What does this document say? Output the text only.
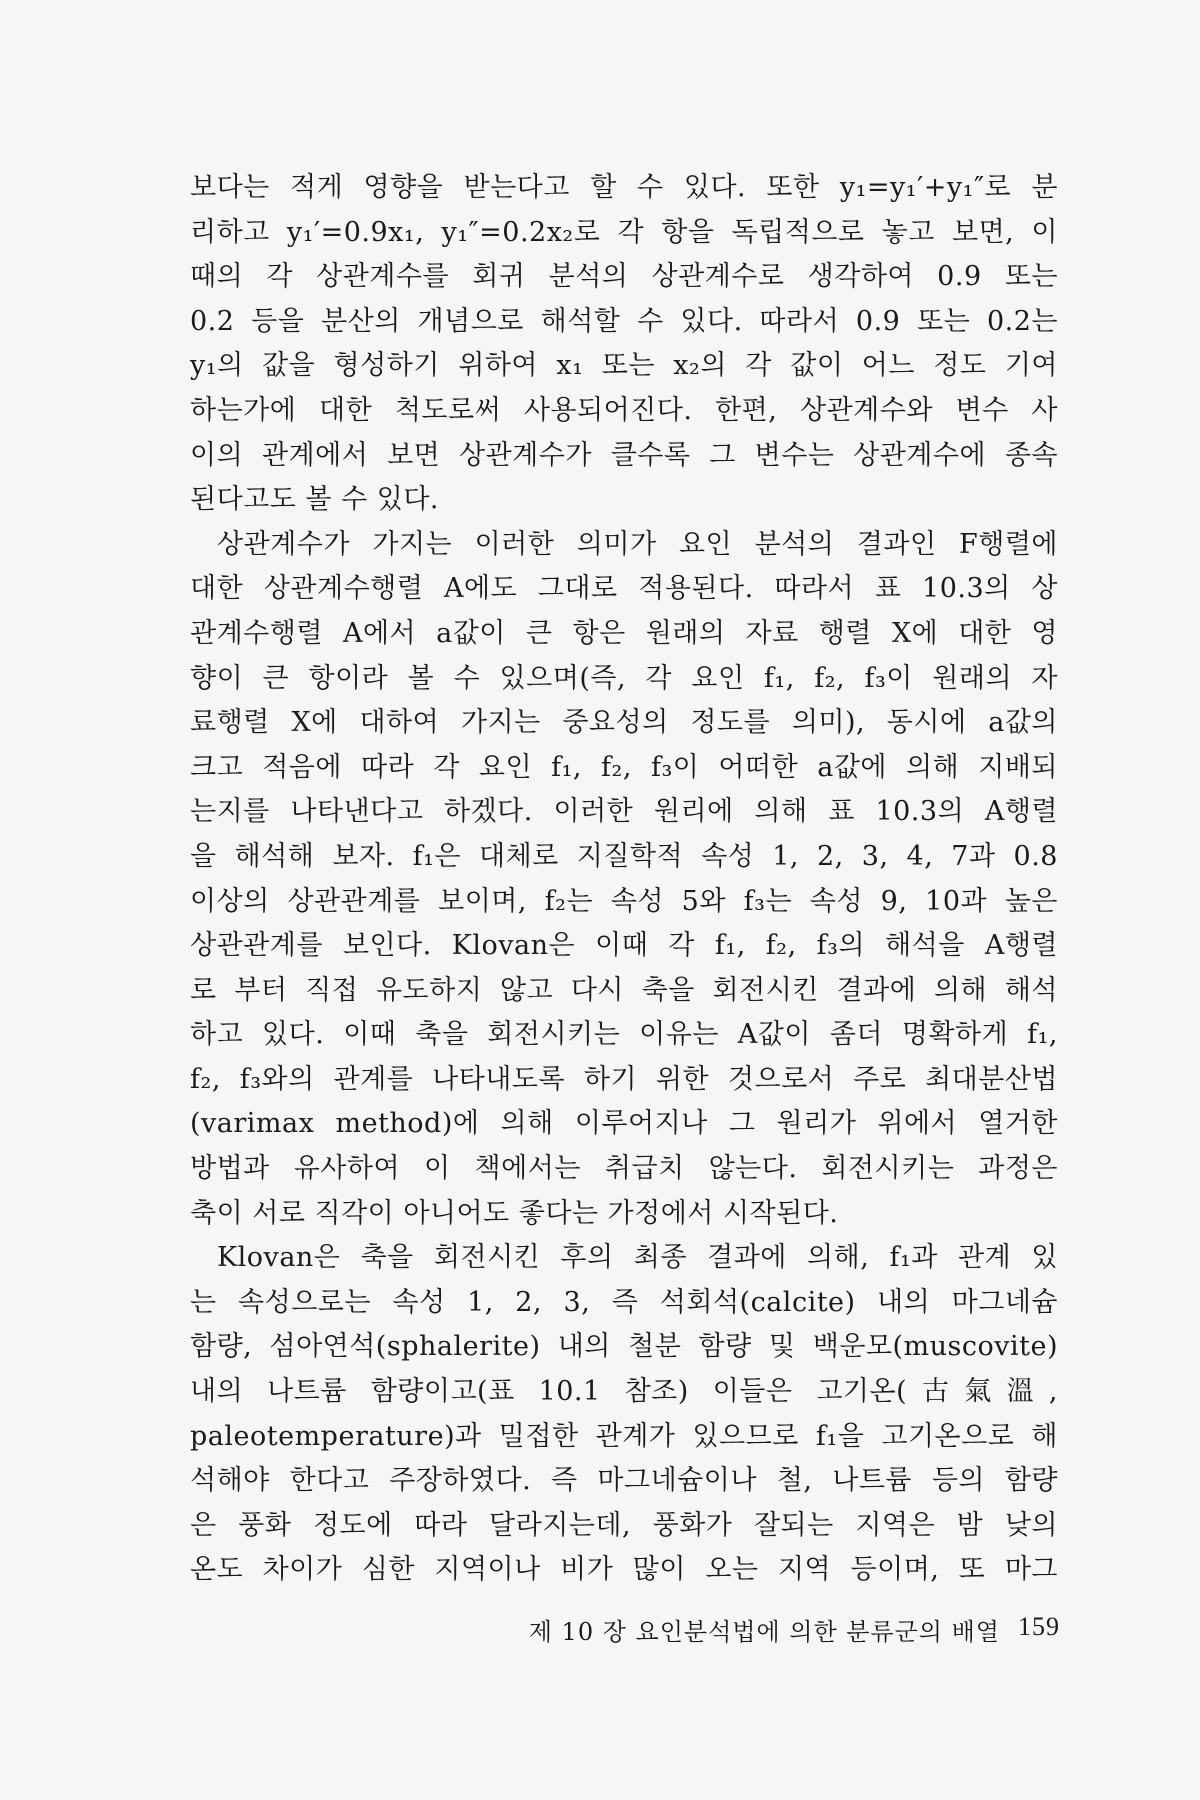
보다는 적게 영향을 받는다고 할 수 있다. 또한 y₁=y₁′+y₁″로 분
리하고 y₁′=0.9x₁, y₁″=0.2x₂로 각 항을 독립적으로 놓고 보면, 이
때의 각 상관계수를 회귀 분석의 상관계수로 생각하여 0.9 또는
0.2 등을 분산의 개념으로 해석할 수 있다. 따라서 0.9 또는 0.2는
y₁의 값을 형성하기 위하여 x₁ 또는 x₂의 각 값이 어느 정도 기여
하는가에 대한 척도로써 사용되어진다. 한편, 상관계수와 변수 사
이의 관계에서 보면 상관계수가 클수록 그 변수는 상관계수에 종속
된다고도 볼 수 있다.
상관계수가 가지는 이러한 의미가 요인 분석의 결과인 F행렬에
대한 상관계수행렬 A에도 그대로 적용된다. 따라서 표 10.3의 상
관계수행렬 A에서 a값이 큰 항은 원래의 자료 행렬 X에 대한 영
향이 큰 항이라 볼 수 있으며(즉, 각 요인 f₁, f₂, f₃이 원래의 자
료행렬 X에 대하여 가지는 중요성의 정도를 의미), 동시에 a값의
크고 적음에 따라 각 요인 f₁, f₂, f₃이 어떠한 a값에 의해 지배되
는지를 나타낸다고 하겠다. 이러한 원리에 의해 표 10.3의 A행렬
을 해석해 보자. f₁은 대체로 지질학적 속성 1, 2, 3, 4, 7과 0.8
이상의 상관관계를 보이며, f₂는 속성 5와 f₃는 속성 9, 10과 높은
상관관계를 보인다. Klovan은 이때 각 f₁, f₂, f₃의 해석을 A행렬
로 부터 직접 유도하지 않고 다시 축을 회전시킨 결과에 의해 해석
하고 있다. 이때 축을 회전시키는 이유는 A값이 좀더 명확하게 f₁,
f₂, f₃와의 관계를 나타내도록 하기 위한 것으로서 주로 최대분산법
(varimax method)에 의해 이루어지나 그 원리가 위에서 열거한
방법과 유사하여 이 책에서는 취급치 않는다. 회전시키는 과정은
축이 서로 직각이 아니어도 좋다는 가정에서 시작된다.
Klovan은 축을 회전시킨 후의 최종 결과에 의해, f₁과 관계 있
는 속성으로는 속성 1, 2, 3, 즉 석회석(calcite) 내의 마그네슘
함량, 섬아연석(sphalerite) 내의 철분 함량 및 백운모(muscovite)
내의 나트륨 함량이고(표 10.1 참조) 이들은 고기온(古氣溫,
paleotemperature)과 밀접한 관계가 있으므로 f₁을 고기온으로 해
석해야 한다고 주장하였다. 즉 마그네슘이나 철, 나트륨 등의 함량
은 풍화 정도에 따라 달라지는데, 풍화가 잘되는 지역은 밤 낮의
온도 차이가 심한 지역이나 비가 많이 오는 지역 등이며, 또 마그
제 10 장 요인분석법에 의한 분류군의 배열 159
